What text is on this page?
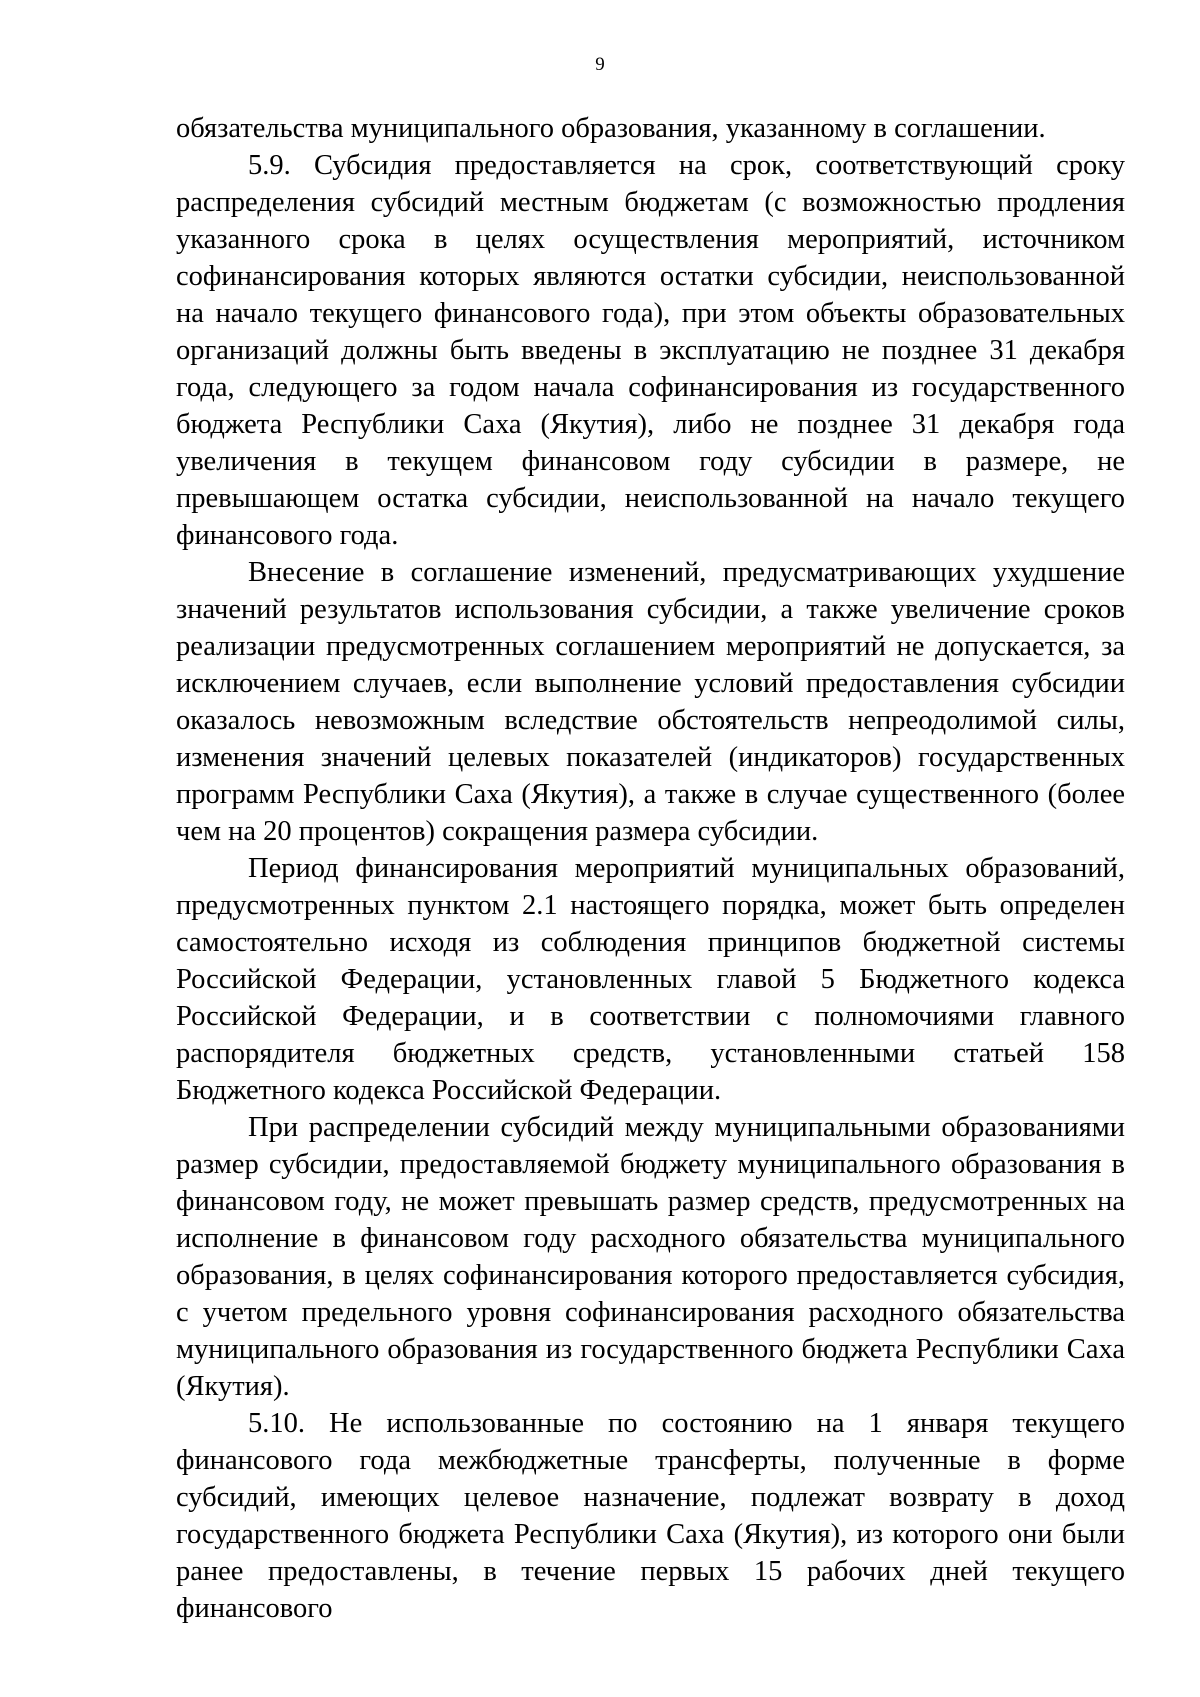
9

обязательства муниципального образования, указанному в соглашении.

5.9. Субсидия предоставляется на срок, соответствующий сроку распределения субсидий местным бюджетам (с возможностью продления указанного срока в целях осуществления мероприятий, источником софинансирования которых являются остатки субсидии, неиспользованной на начало текущего финансового года), при этом объекты образовательных организаций должны быть введены в эксплуатацию не позднее 31 декабря года, следующего за годом начала софинансирования из государственного бюджета Республики Саха (Якутия), либо не позднее 31 декабря года увеличения в текущем финансовом году субсидии в размере, не превышающем остатка субсидии, неиспользованной на начало текущего финансового года.

Внесение в соглашение изменений, предусматривающих ухудшение значений результатов использования субсидии, а также увеличение сроков реализации предусмотренных соглашением мероприятий не допускается, за исключением случаев, если выполнение условий предоставления субсидии оказалось невозможным вследствие обстоятельств непреодолимой силы, изменения значений целевых показателей (индикаторов) государственных программ Республики Саха (Якутия), а также в случае существенного (более чем на 20 процентов) сокращения размера субсидии.

Период финансирования мероприятий муниципальных образований, предусмотренных пунктом 2.1 настоящего порядка, может быть определен самостоятельно исходя из соблюдения принципов бюджетной системы Российской Федерации, установленных главой 5 Бюджетного кодекса Российской Федерации, и в соответствии с полномочиями главного распорядителя бюджетных средств, установленными статьей 158 Бюджетного кодекса Российской Федерации.

При распределении субсидий между муниципальными образованиями размер субсидии, предоставляемой бюджету муниципального образования в финансовом году, не может превышать размер средств, предусмотренных на исполнение в финансовом году расходного обязательства муниципального образования, в целях софинансирования которого предоставляется субсидия, с учетом предельного уровня софинансирования расходного обязательства муниципального образования из государственного бюджета Республики Саха (Якутия).

5.10. Не использованные по состоянию на 1 января текущего финансового года межбюджетные трансферты, полученные в форме субсидий, имеющих целевое назначение, подлежат возврату в доход государственного бюджета Республики Саха (Якутия), из которого они были ранее предоставлены, в течение первых 15 рабочих дней текущего финансового
